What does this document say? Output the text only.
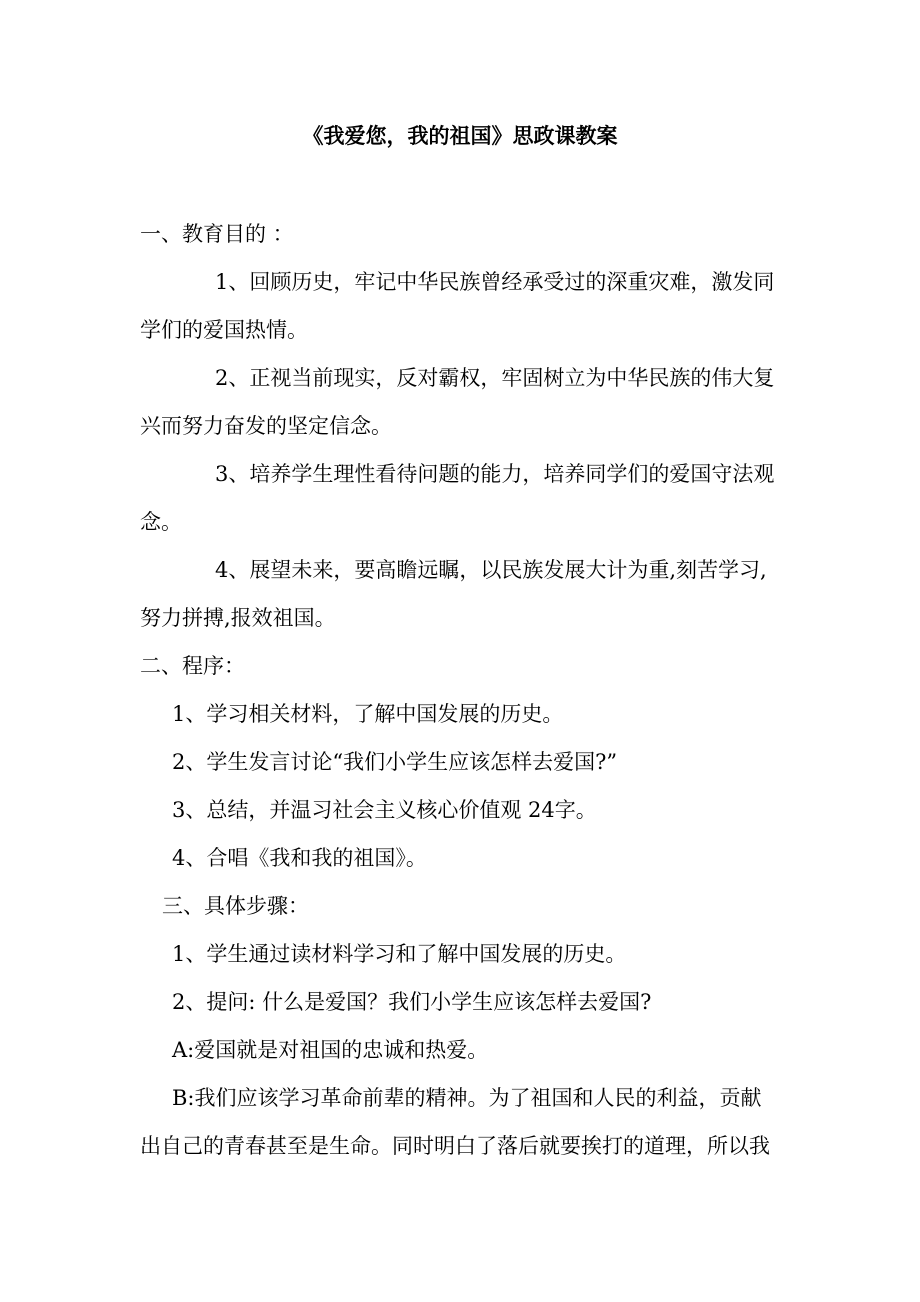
《我爱您，我的祖国》思政课教案
一、教育目的 ：
1、回顾历史，牢记中华民族曾经承受过的深重灾难，激发同
学们的爱国热情。
2、正视当前现实，反对霸权，牢固树立为中华民族的伟大复
兴而努力奋发的坚定信念。
3、培养学生理性看待问题的能力，培养同学们的爱国守法观
念。
4、展望未来，要高瞻远瞩，以民族发展大计为重,刻苦学习,
努力拼搏,报效祖国。
二、程序：
1、学习相关材料，了解中国发展的历史。
2、学生发言讨论“我们小学生应该怎样去爱国?”
3、总结，并温习社会主义核心价值观 24字。
4、合唱《我和我的祖国》。
三、具体步骤：
1、学生通过读材料学习和了解中国发展的历史。
2、提问: 什么是爱国？我们小学生应该怎样去爱国?
A:爱国就是对祖国的忠诚和热爱。
B:我们应该学习革命前辈的精神。为了祖国和人民的利益，贡献
出自己的青春甚至是生命。同时明白了落后就要挨打的道理，所以我
